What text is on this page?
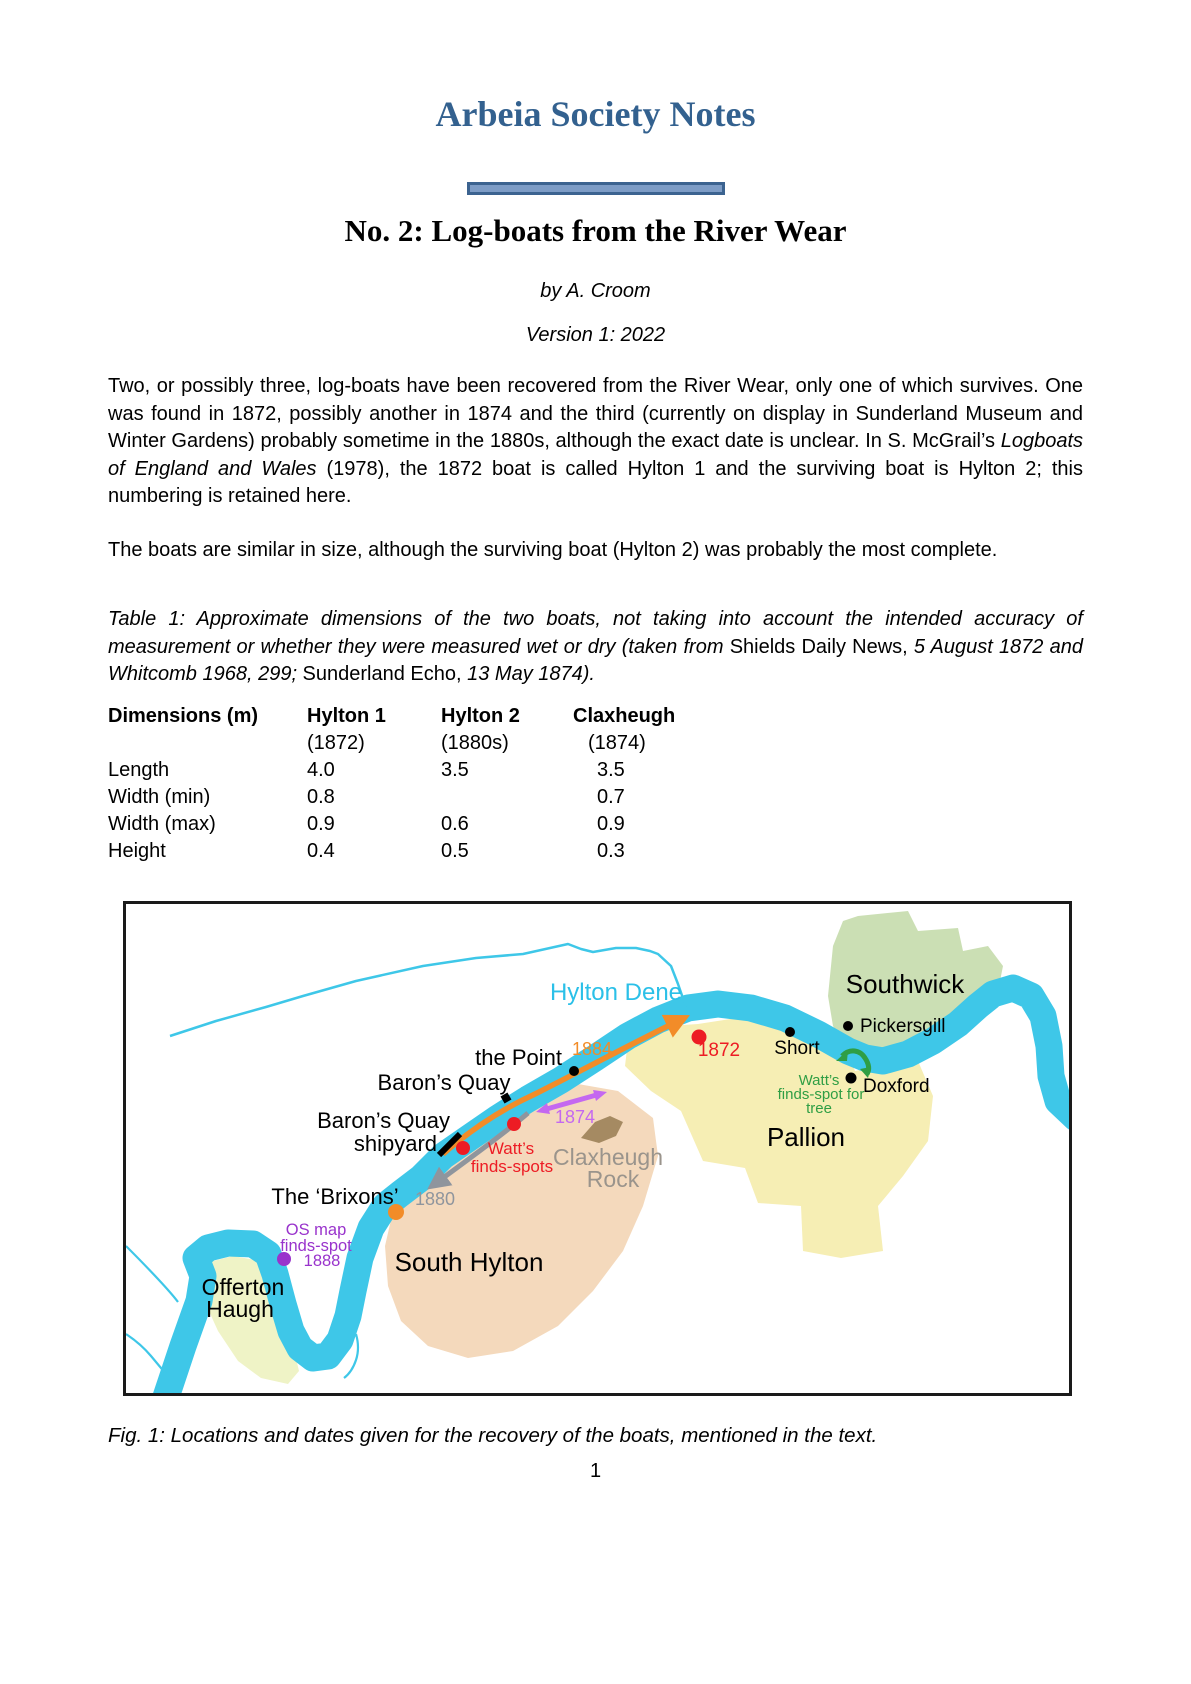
Arbeia Society Notes
No. 2: Log-boats from the River Wear

by A. Croom

Version 1: 2022

Two, or possibly three, log-boats have been recovered from the River Wear, only one of which survives. One was found in 1872, possibly another in 1874 and the third (currently on display in Sunderland Museum and Winter Gardens) probably sometime in the 1880s, although the exact date is unclear. In S. McGrail’s Logboats of England and Wales (1978), the 1872 boat is called Hylton 1 and the surviving boat is Hylton 2; this numbering is retained here.

The boats are similar in size, although the surviving boat (Hylton 2) was probably the most complete.

Table 1: Approximate dimensions of the two boats, not taking into account the intended accuracy of measurement or whether they were measured wet or dry (taken from Shields Daily News, 5 August 1872 and Whitcomb 1968, 299; Sunderland Echo, 13 May 1874).

Dimensions (m)	Hylton 1	Hylton 2	Claxheugh
	(1872)	(1880s)	(1874)
Length	4.0	3.5	3.5
Width (min)	0.8		0.7
Width (max)	0.9	0.6	0.9
Height	0.4	0.5	0.3
Hylton Dene
the Point 1884	1872
Baron’s Quay
Baron’s Quay
shipyard
1874
Watt’s
finds-spots Claxheugh
Rock
The ‘Brixons’ 1880
OS map
finds-spot
1888 South Hylton
Offerton
Haugh
Pallion
Southwick
Pickersgill
Short
Doxford
Watt’s
finds-spot for
tree

Fig. 1: Locations and dates given for the recovery of the boats, mentioned in the text.

1
